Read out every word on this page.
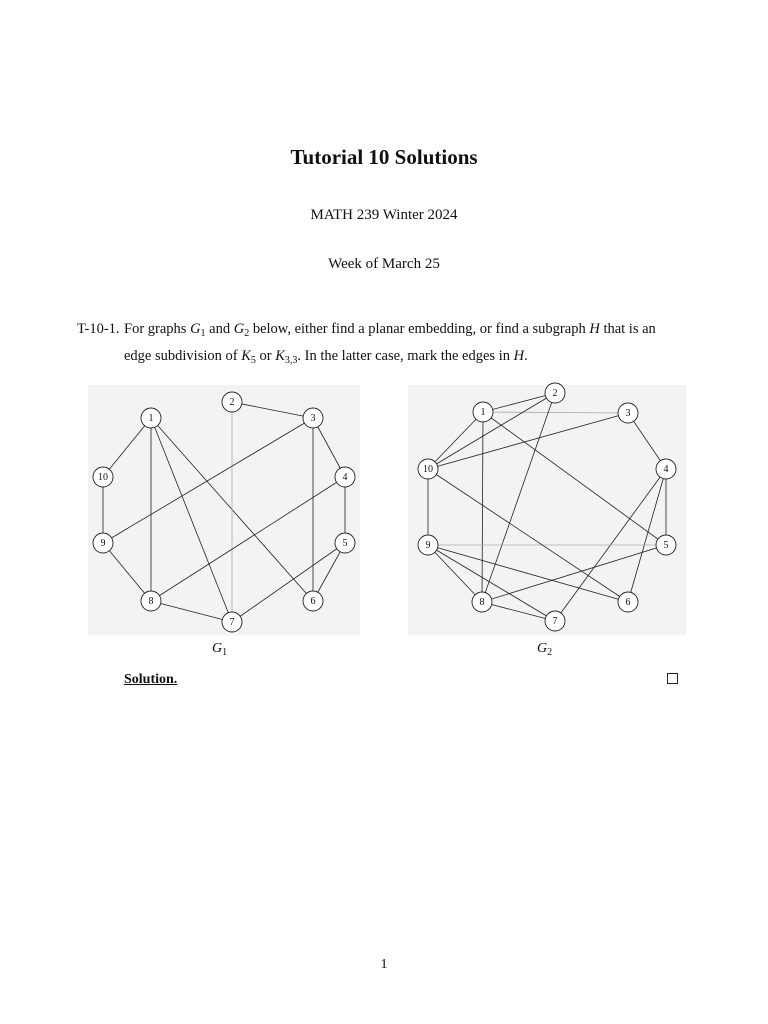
Tutorial 10 Solutions
MATH 239 Winter 2024
Week of March 25
T-10-1. For graphs $G_1$ and $G_2$ below, either find a planar embedding, or find a subgraph H that is an
edge subdivision of $K_5$ or $K_{3,3}$. In the latter case, mark the edges in H.
1
2
3
4
5
6
7
8
9
10
1
2
3
4
5
6
7
8
9
10
$G_1$	$G_2$
Solution.
1
